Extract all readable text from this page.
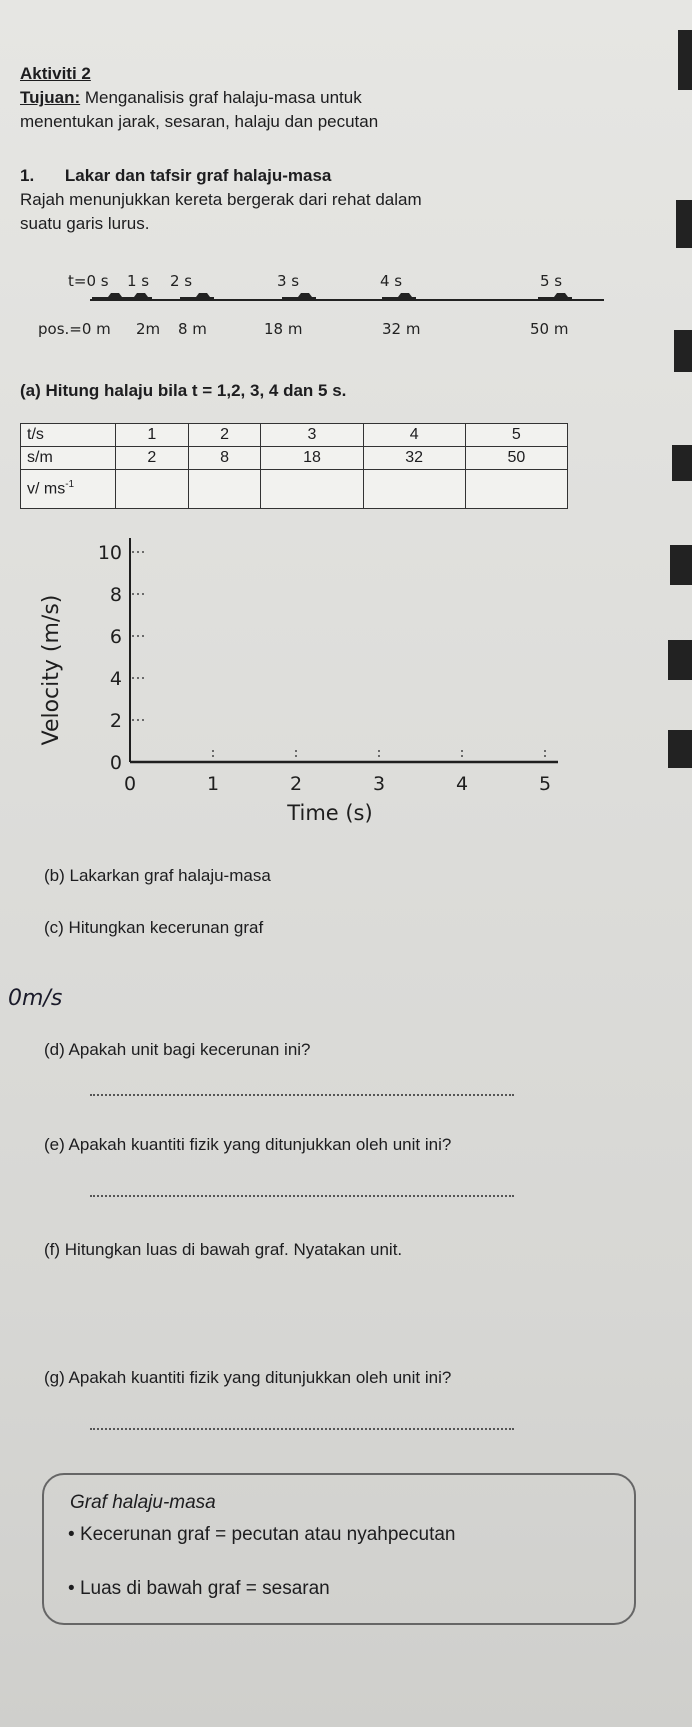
Aktiviti 2
Tujuan: Menganalisis graf halaju-masa untuk
menentukan jarak, sesaran, halaju dan pecutan
1. Lakar dan tafsir graf halaju-masa
Rajah menunjukkan kereta bergerak dari rehat dalam
suatu garis lurus.
t=0 s 1 s 2 s	3 s	4 s	5 s
pos.=0 m 2m 8 m	18 m	32 m	50 m
(a) Hitung halaju bila t = 1,2, 3, 4 dan 5 s.
t/s	1	2	3	4	5
s/m	2	8	18	32	50
v/ $ms^{-1}$					
Velocity (m/s)
Time (s)
0	1	2	3	4	5
0
2
4
6
8
10
(b) Lakarkan graf halaju-masa
(c) Hitungkan kecerunan graf
0m/s
(d) Apakah unit bagi kecerunan ini?
(e) Apakah kuantiti fizik yang ditunjukkan oleh unit ini?
(f) Hitungkan luas di bawah graf. Nyatakan unit.
(g) Apakah kuantiti fizik yang ditunjukkan oleh unit ini?
Graf halaju-masa
• Kecerunan graf = pecutan atau nyahpecutan
• Luas di bawah graf = sesaran
